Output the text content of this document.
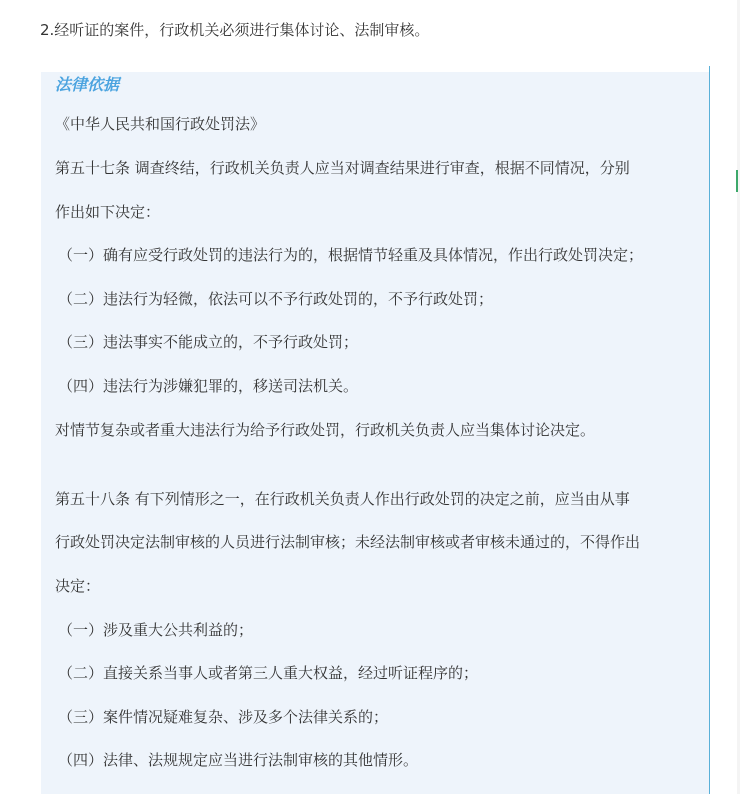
2.经听证的案件，行政机关必须进行集体讨论、法制审核。
法律依据
《中华人民共和国行政处罚法》
第五十七条 调查终结，行政机关负责人应当对调查结果进行审查，根据不同情况，分别
作出如下决定：
（一）确有应受行政处罚的违法行为的，根据情节轻重及具体情况，作出行政处罚决定；
（二）违法行为轻微，依法可以不予行政处罚的，不予行政处罚；
（三）违法事实不能成立的，不予行政处罚；
（四）违法行为涉嫌犯罪的，移送司法机关。
对情节复杂或者重大违法行为给予行政处罚，行政机关负责人应当集体讨论决定。
第五十八条 有下列情形之一，在行政机关负责人作出行政处罚的决定之前，应当由从事
行政处罚决定法制审核的人员进行法制审核；未经法制审核或者审核未通过的，不得作出
决定：
（一）涉及重大公共利益的；
（二）直接关系当事人或者第三人重大权益，经过听证程序的；
（三）案件情况疑难复杂、涉及多个法律关系的；
（四）法律、法规规定应当进行法制审核的其他情形。
